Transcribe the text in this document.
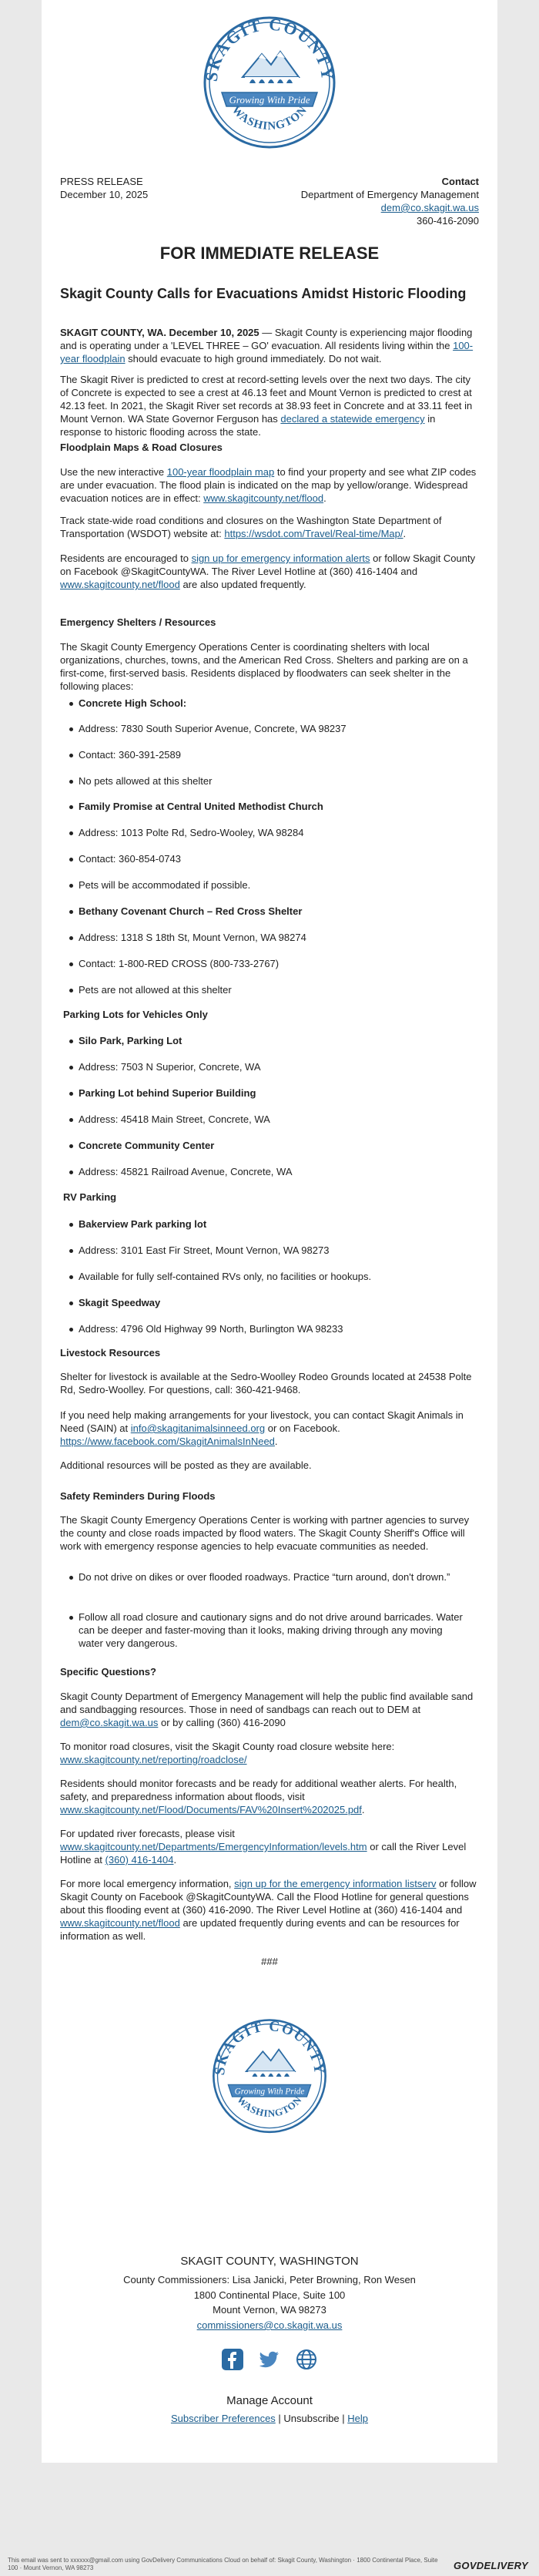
SKAGIT COUNTY
Growing With Pride
WASHINGTON
PRESS RELEASE
December 10, 2025
Contact
Department of Emergency Management
dem@co.skagit.wa.us
360-416-2090
FOR IMMEDIATE RELEASE
Skagit County Calls for Evacuations Amidst Historic Flooding

SKAGIT COUNTY, WA. December 10, 2025 — Skagit County is experiencing major flooding and is operating under a 'LEVEL THREE – GO' evacuation. All residents living within the 100-year floodplain should evacuate to high ground immediately. Do not wait.

The Skagit River is predicted to crest at record-setting levels over the next two days. The city of Concrete is expected to see a crest at 46.13 feet and Mount Vernon is predicted to crest at 42.13 feet. In 2021, the Skagit River set records at 38.93 feet in Concrete and at 33.11 feet in Mount Vernon. WA State Governor Ferguson has declared a statewide emergency in response to historic flooding across the state.

Floodplain Maps & Road Closures

Use the new interactive 100-year floodplain map to find your property and see what ZIP codes are under evacuation. The flood plain is indicated on the map by yellow/orange. Widespread evacuation notices are in effect: www.skagitcounty.net/flood.

Track state-wide road conditions and closures on the Washington State Department of Transportation (WSDOT) website at: https://wsdot.com/Travel/Real-time/Map/.

Residents are encouraged to sign up for emergency information alerts or follow Skagit County on Facebook @SkagitCountyWA. The River Level Hotline at (360) 416-1404 and www.skagitcounty.net/flood are also updated frequently.

Emergency Shelters / Resources

The Skagit County Emergency Operations Center is coordinating shelters with local organizations, churches, towns, and the American Red Cross. Shelters and parking are on a first-come, first-served basis. Residents displaced by floodwaters can seek shelter in the following places:

Concrete High School:
Address: 7830 South Superior Avenue, Concrete, WA 98237
Contact: 360-391-2589
No pets allowed at this shelter
Family Promise at Central United Methodist Church
Address: 1013 Polte Rd, Sedro-Wooley, WA 98284
Contact: 360-854-0743
Pets will be accommodated if possible.
Bethany Covenant Church – Red Cross Shelter
Address: 1318 S 18th St, Mount Vernon, WA 98274
Contact: 1-800-RED CROSS (800-733-2767)
Pets are not allowed at this shelter
Parking Lots for Vehicles Only
Silo Park, Parking Lot
Address: 7503 N Superior, Concrete, WA
Parking Lot behind Superior Building
Address: 45418 Main Street, Concrete, WA
Concrete Community Center
Address: 45821 Railroad Avenue, Concrete, WA
RV Parking
Bakerview Park parking lot
Address: 3101 East Fir Street, Mount Vernon, WA 98273
Available for fully self-contained RVs only, no facilities or hookups.
Skagit Speedway
Address: 4796 Old Highway 99 North, Burlington WA 98233
Livestock Resources

Shelter for livestock is available at the Sedro-Woolley Rodeo Grounds located at 24538 Polte Rd, Sedro-Woolley. For questions, call: 360-421-9468.

If you need help making arrangements for your livestock, you can contact Skagit Animals in Need (SAIN) at info@skagitanimalsinneed.org or on Facebook. https://www.facebook.com/SkagitAnimalsInNeed.

Additional resources will be posted as they are available.

Safety Reminders During Floods

The Skagit County Emergency Operations Center is working with partner agencies to survey the county and close roads impacted by flood waters. The Skagit County Sheriff's Office will work with emergency response agencies to help evacuate communities as needed.

Do not drive on dikes or over flooded roadways. Practice “turn around, don't drown.”
Follow all road closure and cautionary signs and do not drive around barricades. Water can be deeper and faster-moving than it looks, making driving through any moving water very dangerous.
Specific Questions?

Skagit County Department of Emergency Management will help the public find available sand and sandbagging resources. Those in need of sandbags can reach out to DEM at dem@co.skagit.wa.us or by calling (360) 416-2090

To monitor road closures, visit the Skagit County road closure website here: www.skagitcounty.net/reporting/roadclose/

Residents should monitor forecasts and be ready for additional weather alerts. For health, safety, and preparedness information about floods, visit www.skagitcounty.net/Flood/Documents/FAV%20Insert%202025.pdf.

For updated river forecasts, please visit www.skagitcounty.net/Departments/EmergencyInformation/levels.htm or call the River Level Hotline at (360) 416-1404.

For more local emergency information, sign up for the emergency information listserv or follow Skagit County on Facebook @SkagitCountyWA. Call the Flood Hotline for general questions about this flooding event at (360) 416-2090. The River Level Hotline at (360) 416-1404 and www.skagitcounty.net/flood are updated frequently during events and can be resources for information as well.

###
SKAGIT COUNTY
Growing With Pride
WASHINGTON
SKAGIT COUNTY, WASHINGTON
County Commissioners: Lisa Janicki, Peter Browning, Ron Wesen
1800 Continental Place, Suite 100
Mount Vernon, WA 98273
commissioners@co.skagit.wa.us
Manage Account
Subscriber Preferences | Unsubscribe | Help
This email was sent to xxxxxx@gmail.com using GovDelivery Communications Cloud on behalf of: Skagit County, Washington · 1800 Continental Place, Suite 100 · Mount Vernon, WA 98273	GOVDELIVERY
